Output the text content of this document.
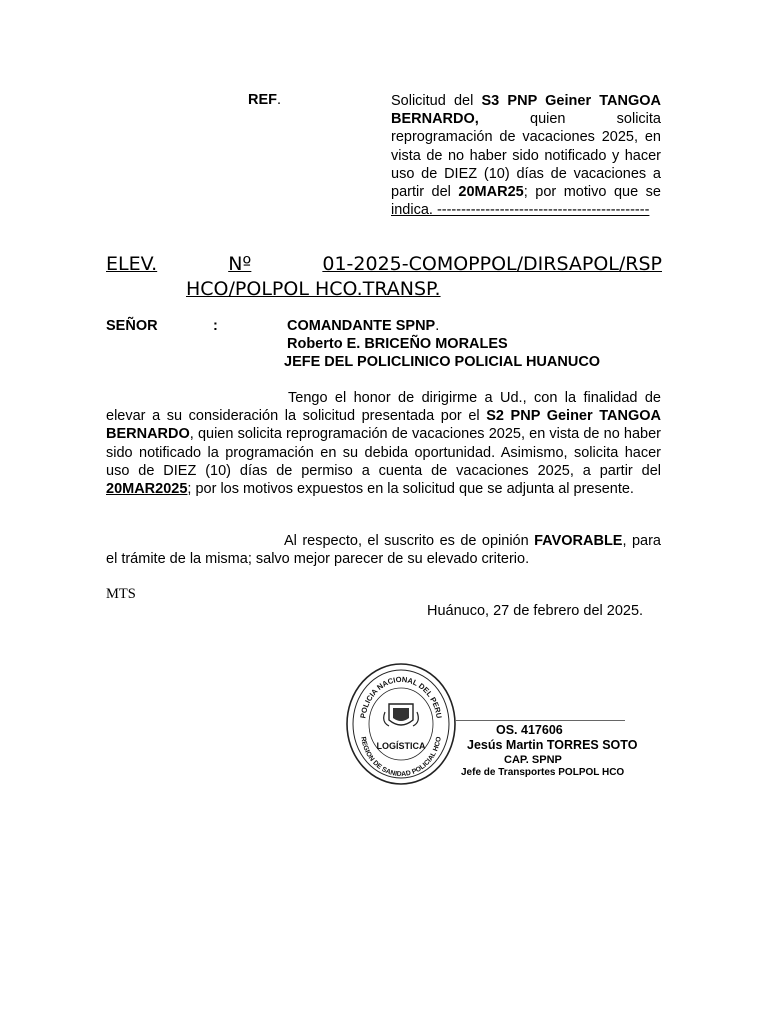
REF.	Solicitud del S3 PNP Geiner TANGOA BERNARDO, quien solicita reprogramación de vacaciones 2025, en vista de no haber sido notificado y hacer uso de DIEZ (10) días de vacaciones a partir del 20MAR25; por motivo que se indica. --------------------------------------------
ELEV.	Nº	01-2025-COMOPPOL/DIRSAPOL/RSP
HCO/POLPOL HCO.TRANSP.
SEÑOR	:	COMANDANTE SPNP.
Roberto E. BRICEÑO MORALES
JEFE DEL POLICLINICO POLICIAL HUANUCO
Tengo el honor de dirigirme a Ud., con la finalidad de elevar a su consideración la solicitud presentada por el S2 PNP Geiner TANGOA BERNARDO, quien solicita reprogramación de vacaciones 2025, en vista de no haber sido notificado la programación en su debida oportunidad. Asimismo, solicita hacer uso de DIEZ (10) días de permiso a cuenta de vacaciones 2025, a partir del 20MAR2025; por los motivos expuestos en la solicitud que se adjunta al presente.
Al respecto, el suscrito es de opinión FAVORABLE, para el trámite de la misma; salvo mejor parecer de su elevado criterio.
MTS
Huánuco, 27 de febrero del 2025.
POLICIA NACIONAL DEL PERU
REGION DE SANIDAD POLICIAL HCO
LOGÍSTICA
OS. 417606
Jesús Martin TORRES SOTO
CAP. SPNP
Jefe de Transportes POLPOL HCO
